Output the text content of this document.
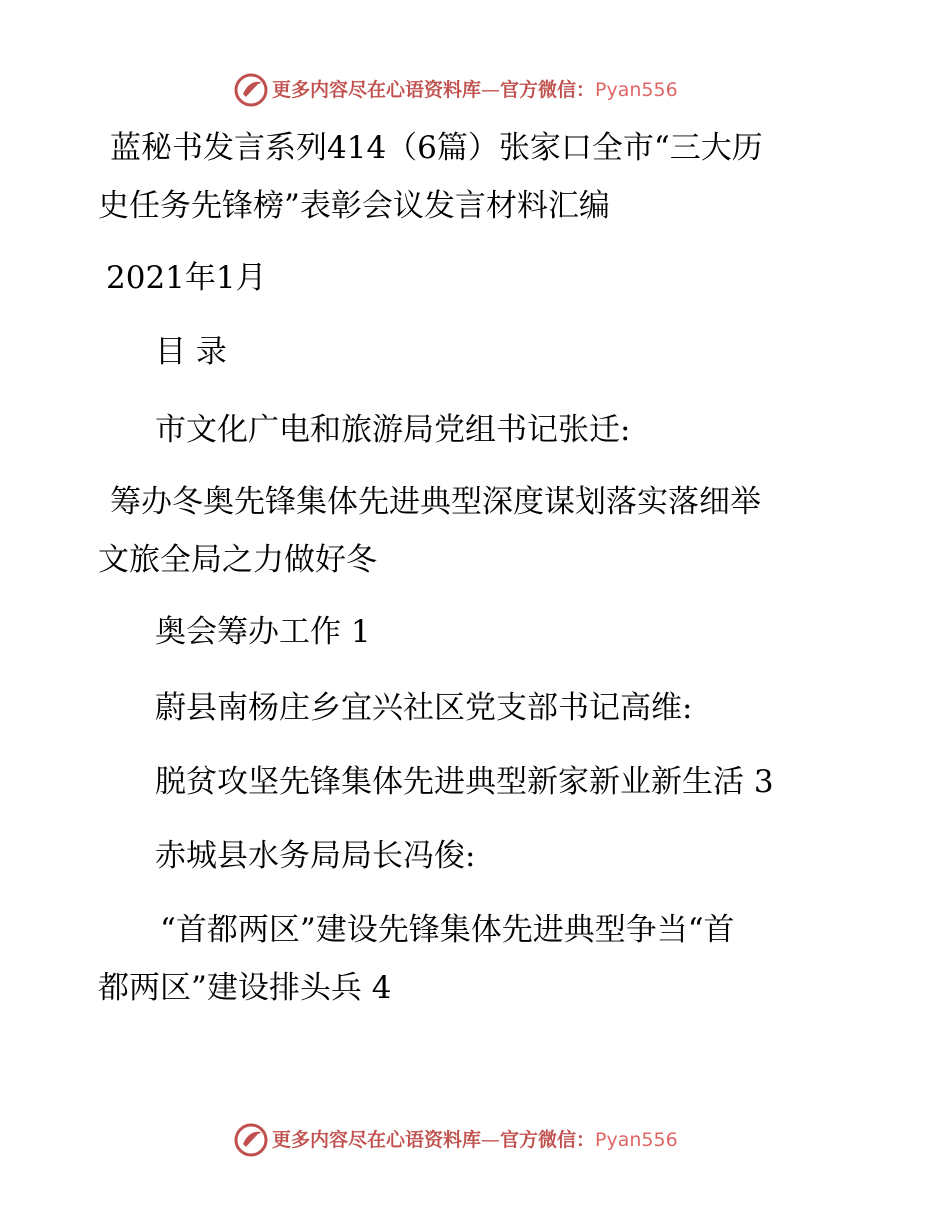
更多内容尽在心语资料库—官方微信：Pyan556
蓝秘书发言系列414（6篇）张家口全市“三大历
史任务先锋榜”表彰会议发言材料汇编
2021年1月
目 录
市文化广电和旅游局党组书记张迁:
筹办冬奥先锋集体先进典型深度谋划落实落细举
文旅全局之力做好冬
奥会筹办工作 1
蔚县南杨庄乡宜兴社区党支部书记高维:
脱贫攻坚先锋集体先进典型新家新业新生活 3
赤城县水务局局长冯俊:
“首都两区”建设先锋集体先进典型争当“首
都两区”建设排头兵 4
更多内容尽在心语资料库—官方微信：Pyan556
